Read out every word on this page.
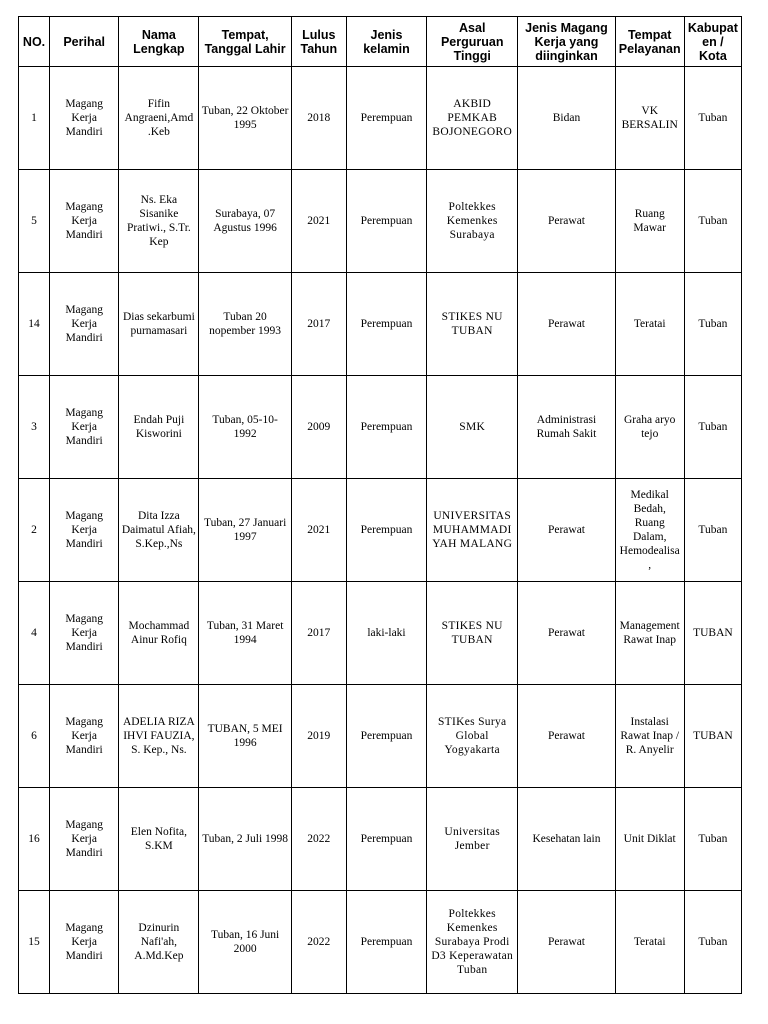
NO.	Perihal	Nama Lengkap	Tempat, Tanggal Lahir	Lulus Tahun	Jenis kelamin	Asal Perguruan Tinggi	Jenis Magang Kerja yang diinginkan	Tempat Pelayanan	Kabupaten / Kota
1	Magang Kerja Mandiri	Fifin Angraeni,Amd .Keb	Tuban, 22 Oktober 1995	2018	Perempuan	AKBID PEMKAB BOJONEGORO	Bidan	VK BERSALIN	Tuban
5	Magang Kerja Mandiri	Ns. Eka Sisanike Pratiwi., S.Tr. Kep	Surabaya, 07 Agustus 1996	2021	Perempuan	Poltekkes Kemenkes Surabaya	Perawat	Ruang Mawar	Tuban
14	Magang Kerja Mandiri	Dias sekarbumi purnamasari	Tuban 20 nopember 1993	2017	Perempuan	STIKES NU TUBAN	Perawat	Teratai	Tuban
3	Magang Kerja Mandiri	Endah Puji Kisworini	Tuban, 05-10-1992	2009	Perempuan	SMK	Administrasi Rumah Sakit	Graha aryo tejo	Tuban
2	Magang Kerja Mandiri	Dita Izza Daimatul Afiah, S.Kep.,Ns	Tuban, 27 Januari 1997	2021	Perempuan	UNIVERSITAS MUHAMMADI YAH MALANG	Perawat	Medikal Bedah, Ruang Dalam, Hemodealisa ,	Tuban
4	Magang Kerja Mandiri	Mochammad Ainur Rofiq	Tuban, 31 Maret 1994	2017	laki-laki	STIKES NU TUBAN	Perawat	Management Rawat Inap	TUBAN
6	Magang Kerja Mandiri	ADELIA RIZA IHVI FAUZIA, S. Kep., Ns.	TUBAN, 5 MEI 1996	2019	Perempuan	STIKes Surya Global Yogyakarta	Perawat	Instalasi Rawat Inap / R. Anyelir	TUBAN
16	Magang Kerja Mandiri	Elen Nofita, S.KM	Tuban, 2 Juli 1998	2022	Perempuan	Universitas Jember	Kesehatan lain	Unit Diklat	Tuban
15	Magang Kerja Mandiri	Dzinurin Nafi'ah, A.Md.Kep	Tuban, 16 Juni 2000	2022	Perempuan	Poltekkes Kemenkes Surabaya Prodi D3 Keperawatan Tuban	Perawat	Teratai	Tuban
